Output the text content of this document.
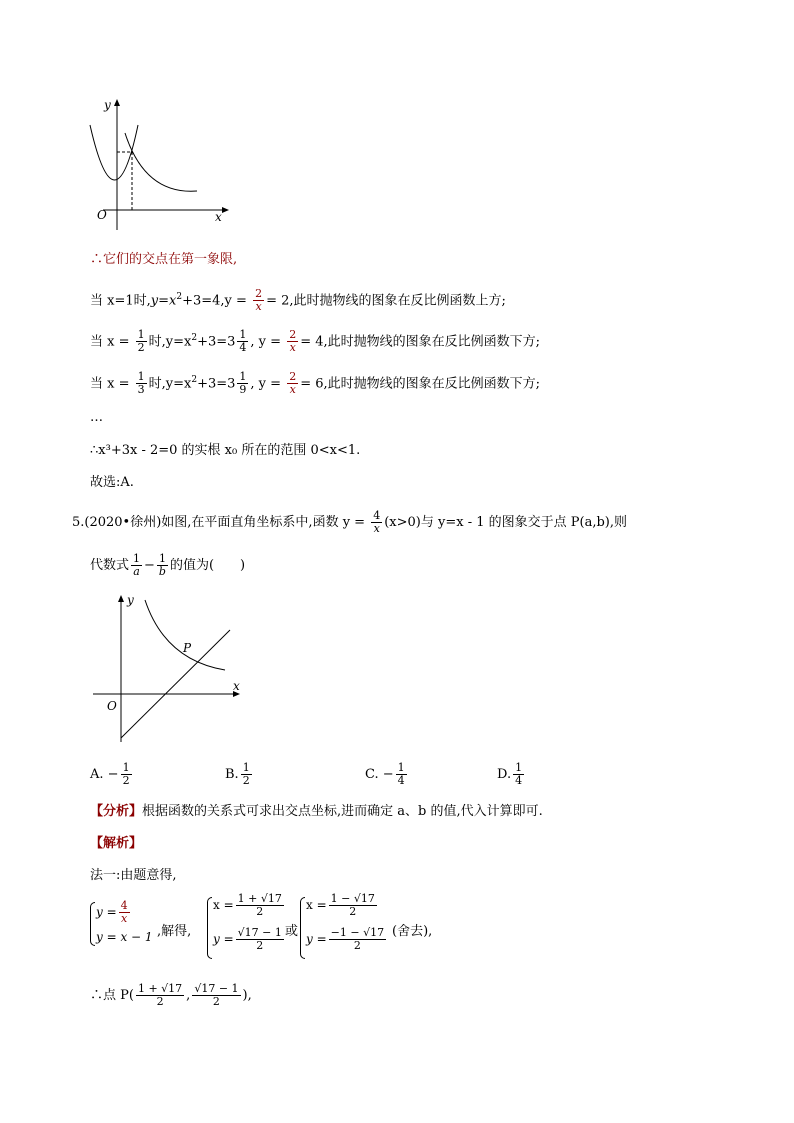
y
x
O
∴它们的交点在第一象限,
当 x=1时$,y=x^2+3=4,y = \frac{2}{x} = 2$,此时抛物线的图象在反比例函数上方;
当 $x = \frac{1}{2}$ 时$,y=x^2+3=3 \frac{1}{4}$ , $y = \frac{2}{x} = 4$,此时抛物线的图象在反比例函数下方;
当 $x = \frac{1}{3}$ 时$,y=x^2+3=3 \frac{1}{9}$ , $y = \frac{2}{x} = 6$,此时抛物线的图象在反比例函数下方;
…
∴x³+3x - 2=0 的实根 x₀ 所在的范围 0<x<1.
故选:A.
5.(2020•徐州)如图,在平面直角坐标系中,函数 $y = \frac{4}{x} (x>0)$与 y=x - 1 的图象交于点 P(a,b),则
代数式 $\frac{1}{a} - \frac{1}{b}$ 的值为(　　)
y
x
O
P
A. − $\frac{1}{2}$	B. $\frac{1}{2}$	C. − $\frac{1}{4}$	D. $\frac{1}{4}$
【分析】根据函数的关系式可求出交点坐标,进而确定 a、b 的值,代入计算即可.
【解析】
法一:由题意得,
$y = \frac{4}{x}$
y = x − 1 ,解得,
$x = \frac{1 + √17}{2}$
$y = \frac{√17 - 1}{2}$ 或
$x = \frac{1 - √17}{2}$
$y = \frac{-1 - √17}{2}$ (舍去),
∴点 $P( \frac{1 + √17}{2}$ , $\frac{√17 - 1}{2}$ ),
